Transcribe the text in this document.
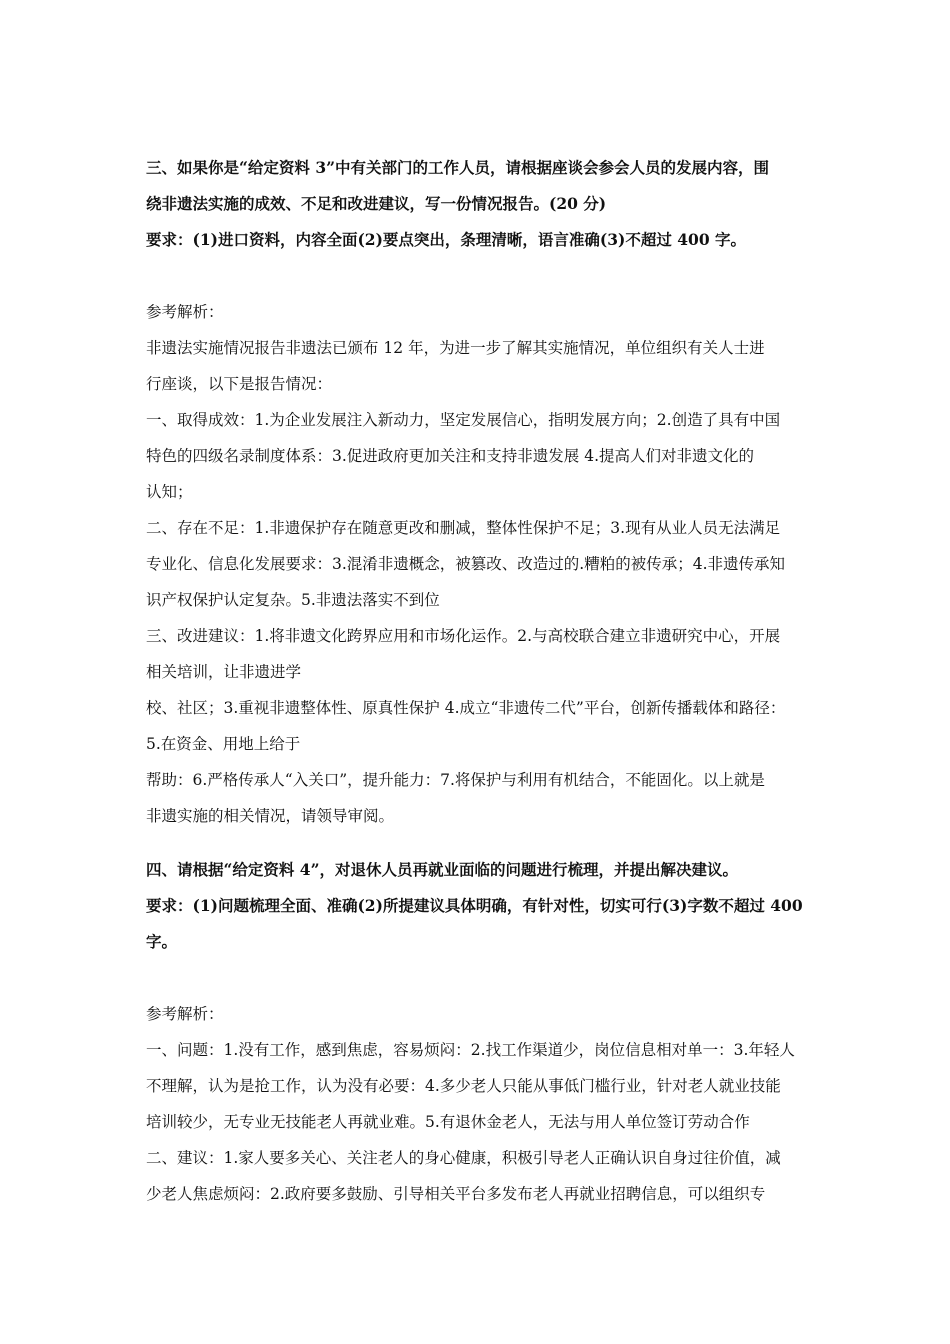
三、如果你是“给定资料 3”中有关部门的工作人员，请根据座谈会参会人员的发展内容，围
绕非遗法实施的成效、不足和改进建议，写一份情况报告。(20 分)
要求：(1)进口资料，内容全面(2)要点突出，条理清晰，语言准确(3)不超过 400 字。
参考解析：
非遗法实施情况报告非遗法已颁布 12 年，为进一步了解其实施情况，单位组织有关人士进
行座谈，以下是报告情况：
一、取得成效：1.为企业发展注入新动力，坚定发展信心，指明发展方向；2.创造了具有中国
特色的四级名录制度体系：3.促进政府更加关注和支持非遗发展 4.提高人们对非遗文化的
认知；
二、存在不足：1.非遗保护存在随意更改和删减，整体性保护不足；3.现有从业人员无法满足
专业化、信息化发展要求：3.混淆非遗概念，被篡改、改造过的.糟粕的被传承；4.非遗传承知
识产权保护认定复杂。5.非遗法落实不到位
三、改进建议：1.将非遗文化跨界应用和市场化运作。2.与高校联合建立非遗研究中心，开展
相关培训，让非遗进学
校、社区；3.重视非遗整体性、原真性保护 4.成立“非遗传二代”平台，创新传播载体和路径：
5.在资金、用地上给于
帮助：6.严格传承人“入关口”，提升能力：7.将保护与利用有机结合，不能固化。以上就是
非遗实施的相关情况，请领导审阅。
四、请根据“给定资料 4”，对退休人员再就业面临的问题进行梳理，并提出解决建议。
要求：(1)问题梳理全面、准确(2)所提建议具体明确，有针对性，切实可行(3)字数不超过 400
字。
参考解析：
一、问题：1.没有工作，感到焦虑，容易烦闷：2.找工作渠道少，岗位信息相对单一：3.年轻人
不理解，认为是抢工作，认为没有必要：4.多少老人只能从事低门槛行业，针对老人就业技能
培训较少，无专业无技能老人再就业难。5.有退休金老人，无法与用人单位签订劳动合作
二、建议：1.家人要多关心、关注老人的身心健康，积极引导老人正确认识自身过往价值，减
少老人焦虑烦闷：2.政府要多鼓励、引导相关平台多发布老人再就业招聘信息，可以组织专
